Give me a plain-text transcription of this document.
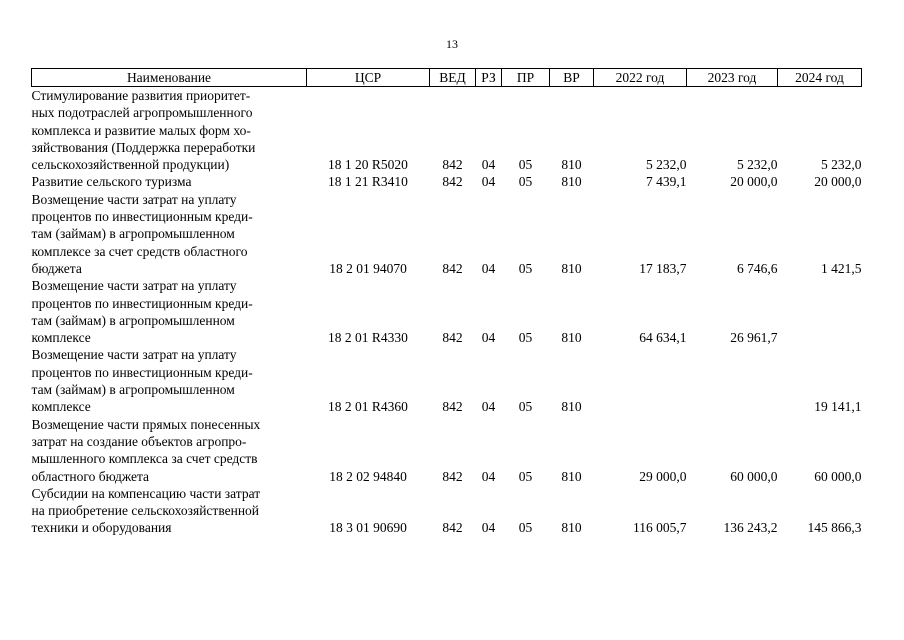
13
Наименование	ЦСР	ВЕД	РЗ	ПР	ВР	2022 год	2023 год	2024 год

Стимулирование развития приоритет-
ных подотраслей агропромышленного
комплекса и развитие малых форм хо-
зяйствования (Поддержка переработки
сельскохозяйственной продукции)	18 1 20 R5020	842	04	05	810	5 232,0	5 232,0	5 232,0

Развитие сельского туризма	18 1 21 R3410	842	04	05	810	7 439,1	20 000,0	20 000,0

Возмещение части затрат на уплату
процентов по инвестиционным креди-
там (займам) в агропромышленном
комплексе за счет средств областного
бюджета	18 2 01 94070	842	04	05	810	17 183,7	6 746,6	1 421,5

Возмещение части затрат на уплату
процентов по инвестиционным креди-
там (займам) в агропромышленном
комплексе	18 2 01 R4330	842	04	05	810	64 634,1	26 961,7	

Возмещение части затрат на уплату
процентов по инвестиционным креди-
там (займам) в агропромышленном
комплексе	18 2 01 R4360	842	04	05	810			19 141,1

Возмещение части прямых понесенных
затрат на создание объектов агропро-
мышленного комплекса за счет средств
областного бюджета	18 2 02 94840	842	04	05	810	29 000,0	60 000,0	60 000,0

Субсидии на компенсацию части затрат
на приобретение сельскохозяйственной
техники и оборудования	18 3 01 90690	842	04	05	810	116 005,7	136 243,2	145 866,3
